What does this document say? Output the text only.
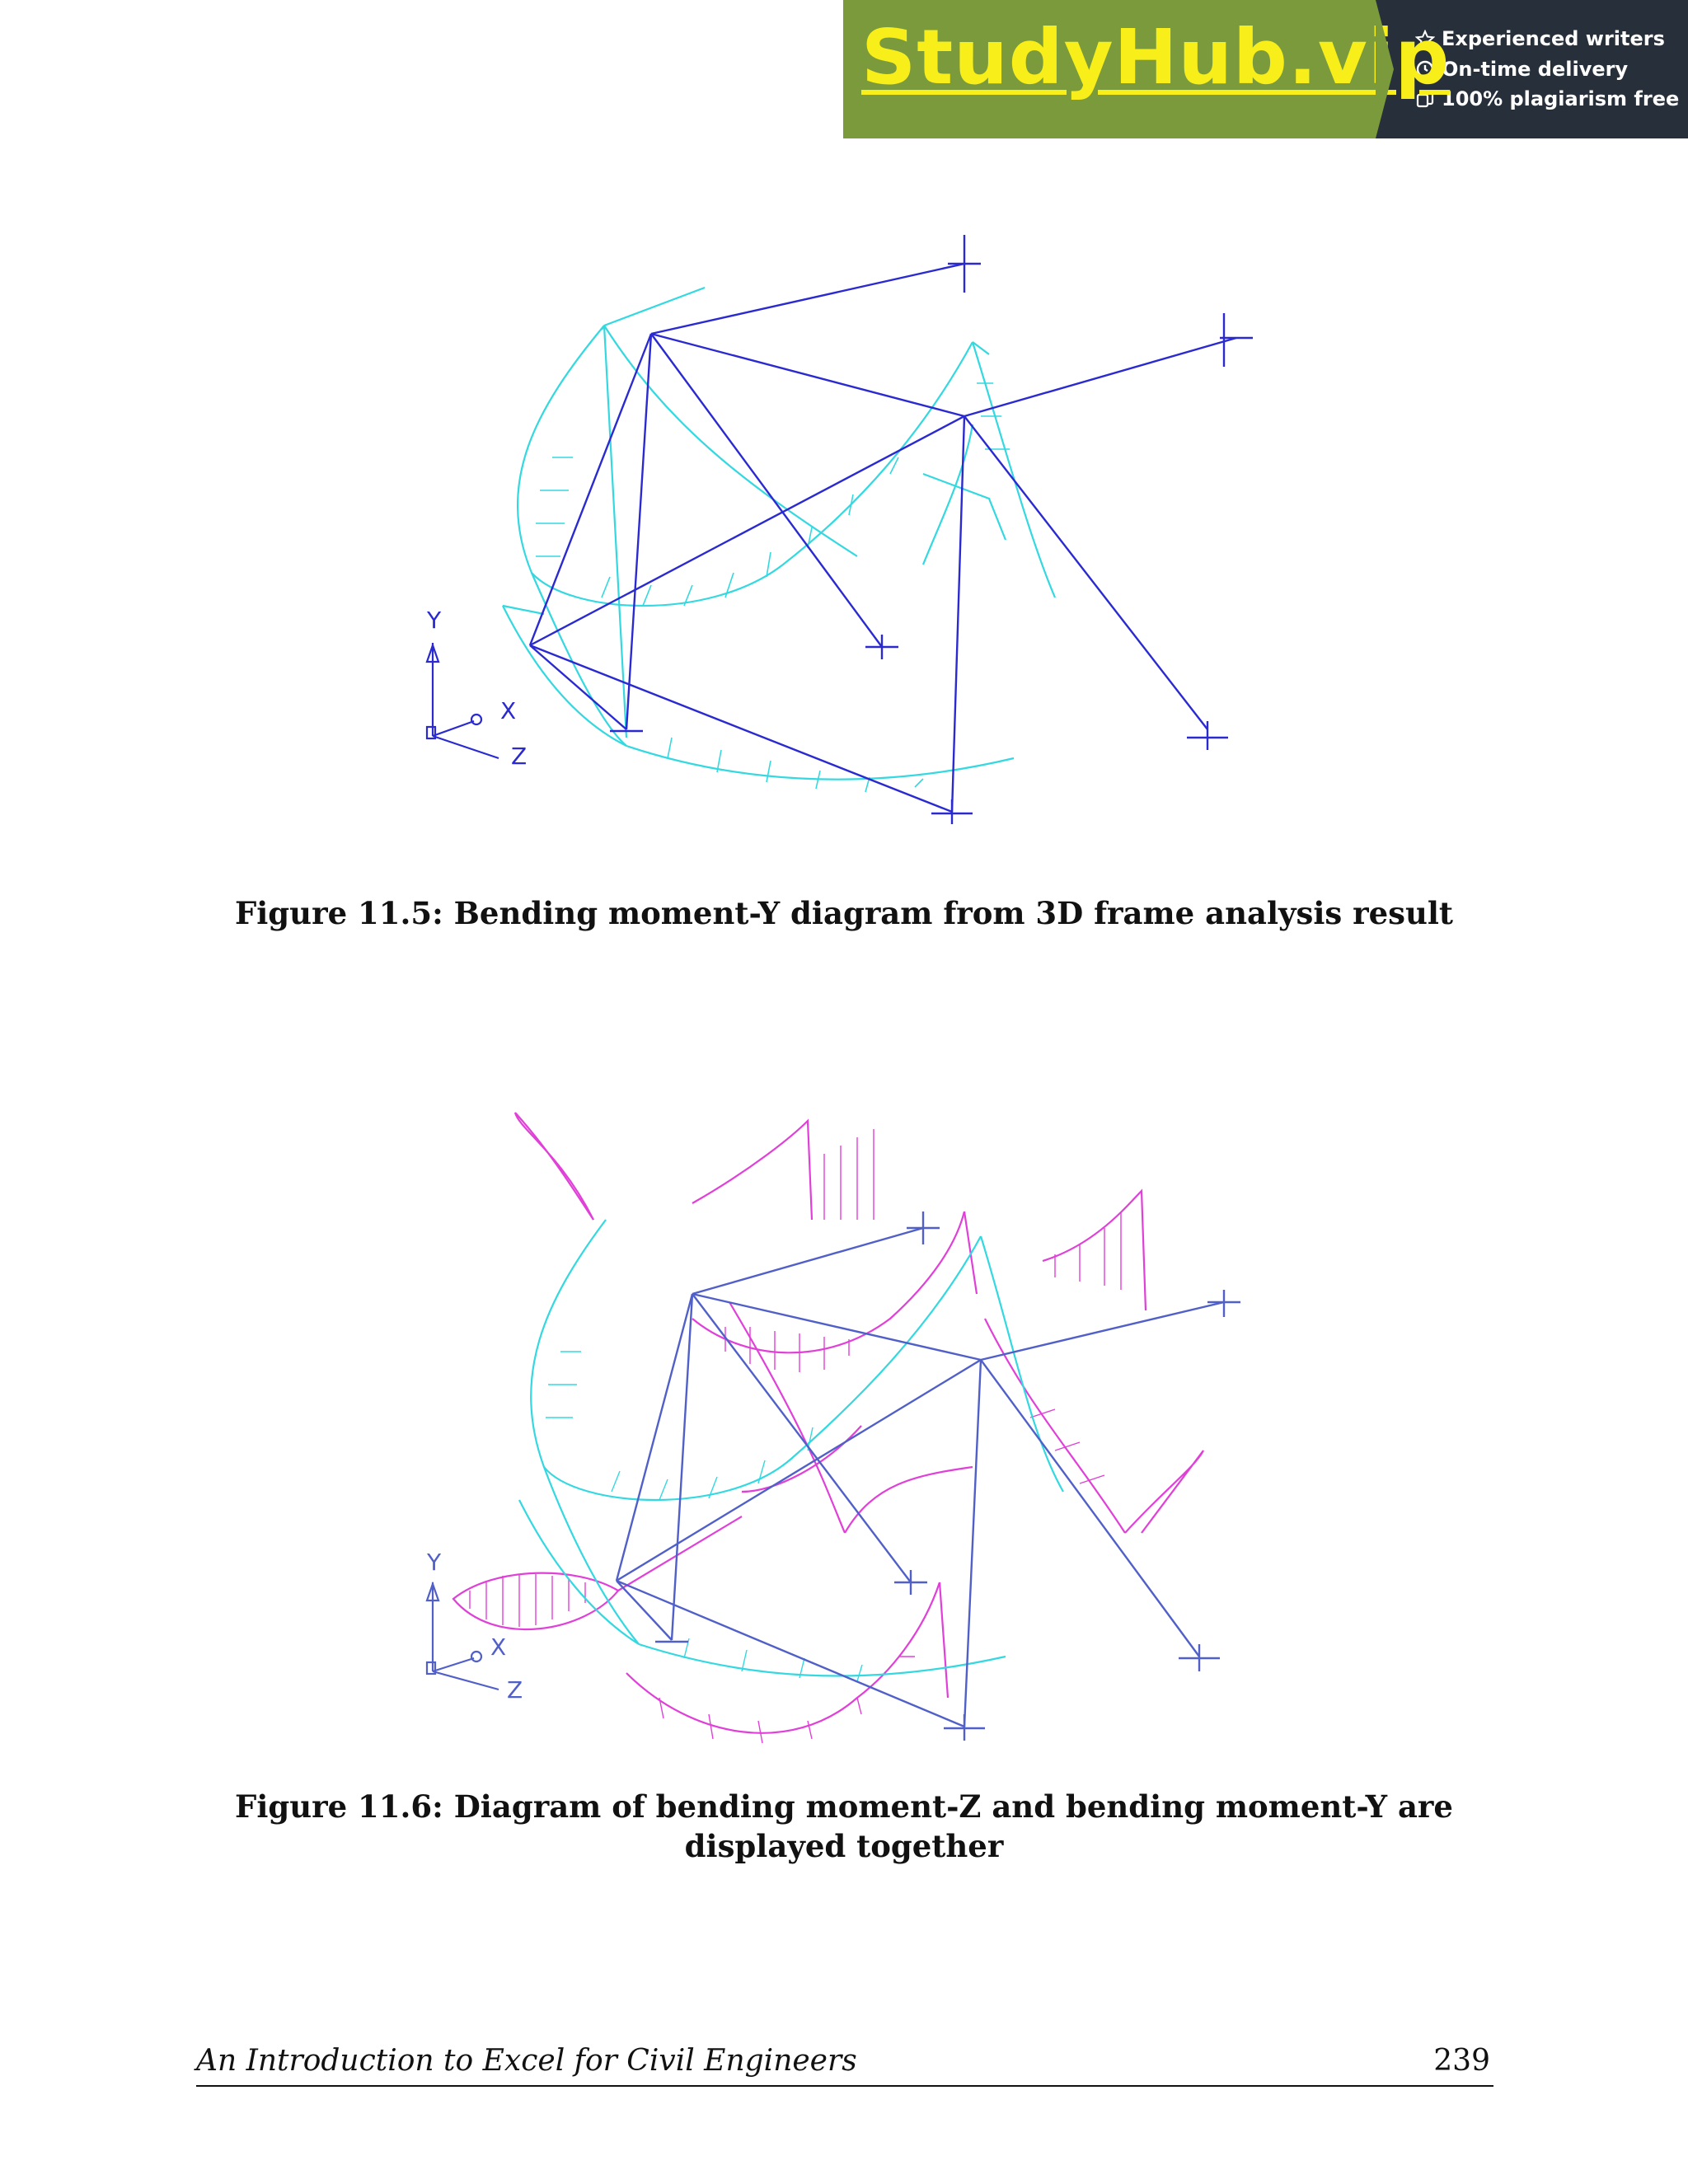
StudyHub.vip
Experienced writers
On-time delivery
100% plagiarism free
Y
X
Z

Figure 11.5: Bending moment-Y diagram from 3D frame analysis result

Y
X
Z

Figure 11.6: Diagram of bending moment-Z and bending moment-Y are displayed together

An Introduction to Excel for Civil Engineers	239
